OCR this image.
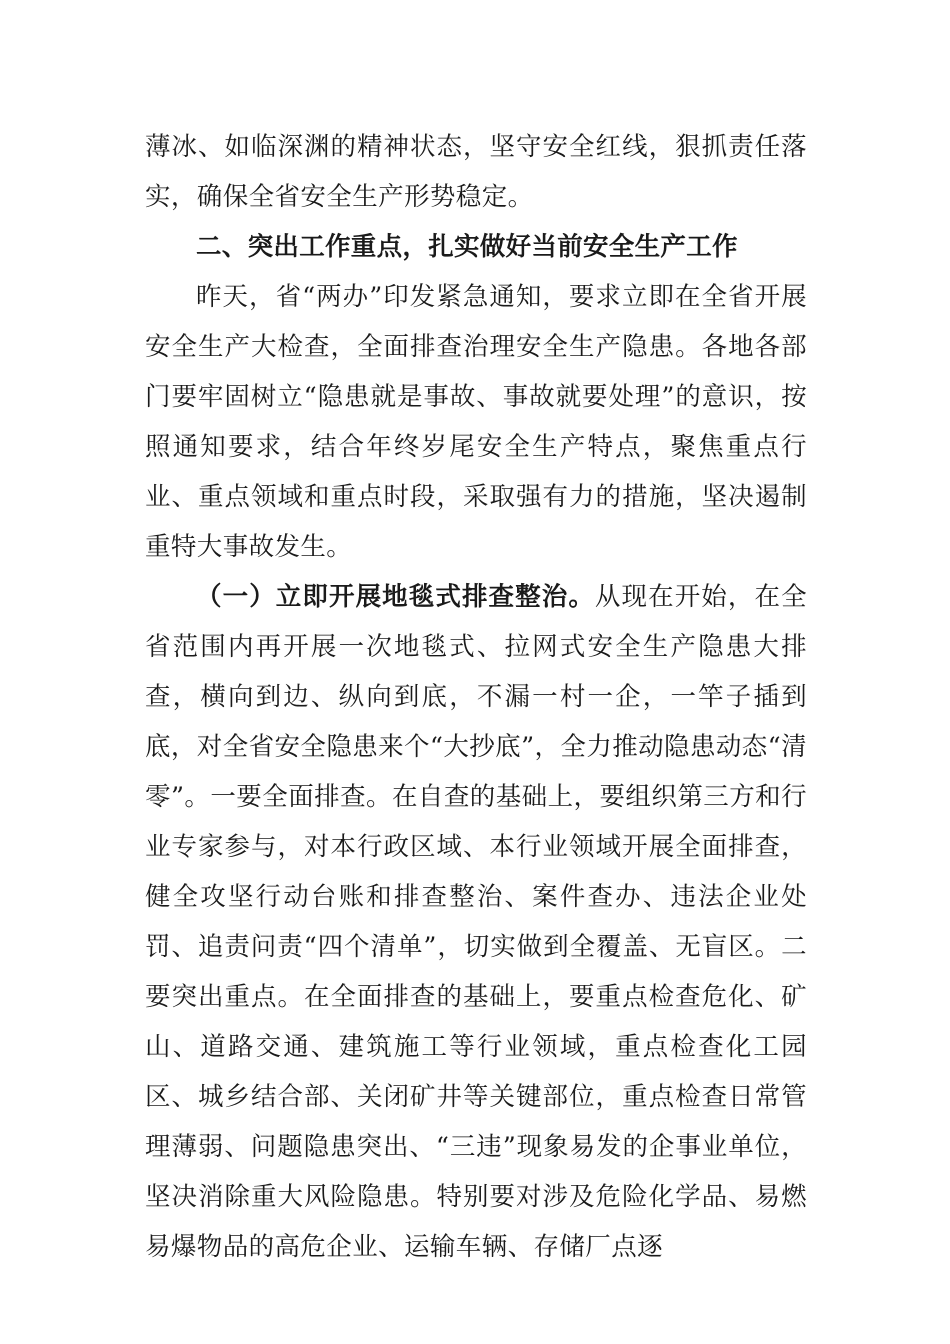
薄冰、如临深渊的精神状态，坚守安全红线，狠抓责任落实，确保全省安全生产形势稳定。

二、突出工作重点，扎实做好当前安全生产工作

昨天，省“两办”印发紧急通知，要求立即在全省开展安全生产大检查，全面排查治理安全生产隐患。各地各部门要牢固树立“隐患就是事故、事故就要处理”的意识，按照通知要求，结合年终岁尾安全生产特点，聚焦重点行业、重点领域和重点时段，采取强有力的措施，坚决遏制重特大事故发生。

（一）立即开展地毯式排查整治。从现在开始，在全省范围内再开展一次地毯式、拉网式安全生产隐患大排查，横向到边、纵向到底，不漏一村一企，一竿子插到底，对全省安全隐患来个“大抄底”，全力推动隐患动态“清零”。一要全面排查。在自查的基础上，要组织第三方和行业专家参与，对本行政区域、本行业领域开展全面排查，健全攻坚行动台账和排查整治、案件查办、违法企业处罚、追责问责“四个清单”，切实做到全覆盖、无盲区。二要突出重点。在全面排查的基础上，要重点检查危化、矿山、道路交通、建筑施工等行业领域，重点检查化工园区、城乡结合部、关闭矿井等关键部位，重点检查日常管理薄弱、问题隐患突出、“三违”现象易发的企事业单位，坚决消除重大风险隐患。特别要对涉及危险化学品、易燃易爆物品的高危企业、运输车辆、存储厂点逐
